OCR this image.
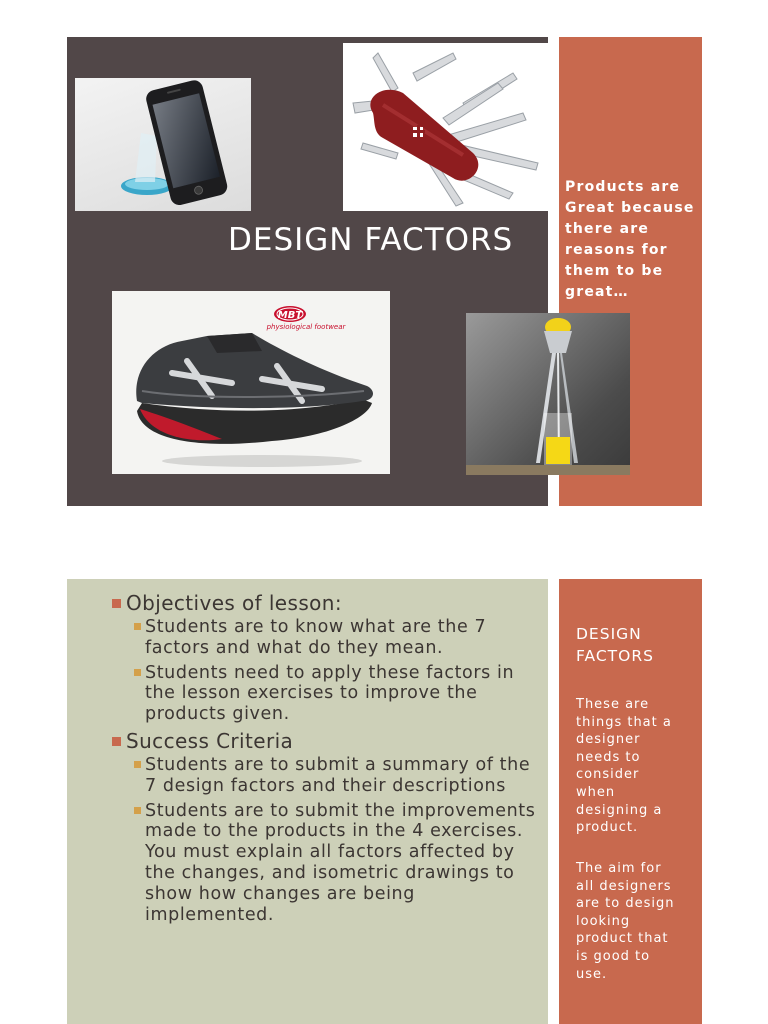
DESIGN FACTORS
MBT
physiological footwear
Products are
Great because
there are
reasons for
them to be
great…
Objectives of lesson:
Students are to know what are the 7 factors and what do they mean.
Students need to apply these factors in the lesson exercises to improve the products given.
Success Criteria
Students are to submit a summary of the 7 design factors and their descriptions
Students are to submit the improvements made to the products in the 4 exercises. You must explain all factors affected by the changes, and isometric drawings to show how changes are being implemented.
DESIGN
FACTORS
These are
things that a
designer
needs to
consider
when
designing a
product.
The aim for
all designers
are to design
looking
product that
is good to
use.
